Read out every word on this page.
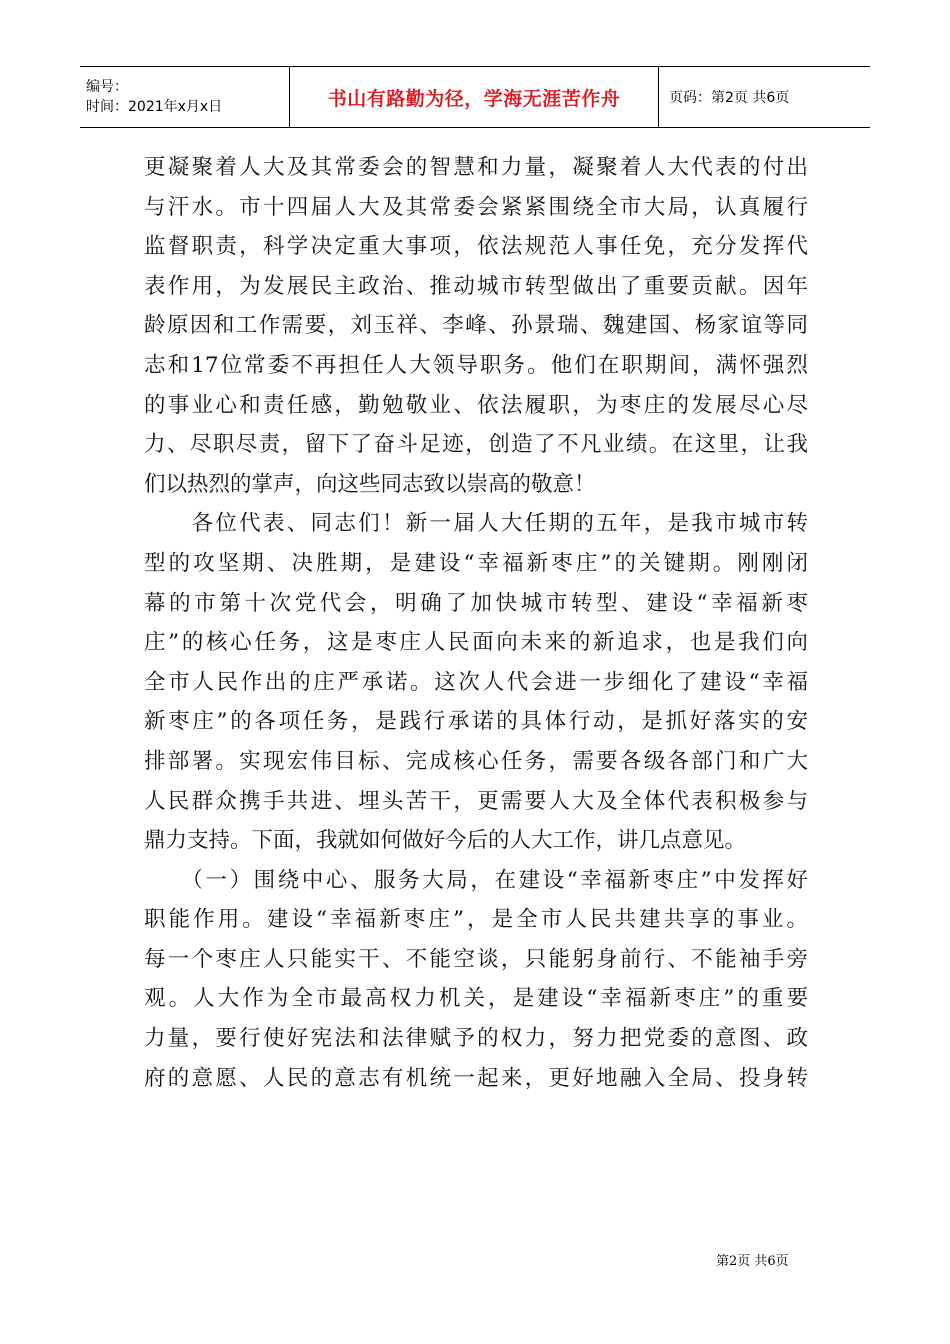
编号：
时间：2021年x月x日	书山有路勤为径，学海无涯苦作舟	页码：第2页 共6页
更凝聚着人大及其常委会的智慧和力量，凝聚着人大代表的付出
与汗水。市十四届人大及其常委会紧紧围绕全市大局，认真履行
监督职责，科学决定重大事项，依法规范人事任免，充分发挥代
表作用，为发展民主政治、推动城市转型做出了重要贡献。因年
龄原因和工作需要，刘玉祥、李峰、孙景瑞、魏建国、杨家谊等同
志和17位常委不再担任人大领导职务。他们在职期间，满怀强烈
的事业心和责任感，勤勉敬业、依法履职，为枣庄的发展尽心尽
力、尽职尽责，留下了奋斗足迹，创造了不凡业绩。在这里，让我
们以热烈的掌声，向这些同志致以崇高的敬意！
　　各位代表、同志们！新一届人大任期的五年，是我市城市转
型的攻坚期、决胜期，是建设“幸福新枣庄”的关键期。刚刚闭
幕的市第十次党代会，明确了加快城市转型、建设“幸福新枣
庄”的核心任务，这是枣庄人民面向未来的新追求，也是我们向
全市人民作出的庄严承诺。这次人代会进一步细化了建设“幸福
新枣庄”的各项任务，是践行承诺的具体行动，是抓好落实的安
排部署。实现宏伟目标、完成核心任务，需要各级各部门和广大
人民群众携手共进、埋头苦干，更需要人大及全体代表积极参与
鼎力支持。下面，我就如何做好今后的人大工作，讲几点意见。
　　（一）围绕中心、服务大局，在建设“幸福新枣庄”中发挥好
职能作用。建设“幸福新枣庄”，是全市人民共建共享的事业。
每一个枣庄人只能实干、不能空谈，只能躬身前行、不能袖手旁
观。人大作为全市最高权力机关，是建设“幸福新枣庄”的重要
力量，要行使好宪法和法律赋予的权力，努力把党委的意图、政
府的意愿、人民的意志有机统一起来，更好地融入全局、投身转
第2页 共6页
